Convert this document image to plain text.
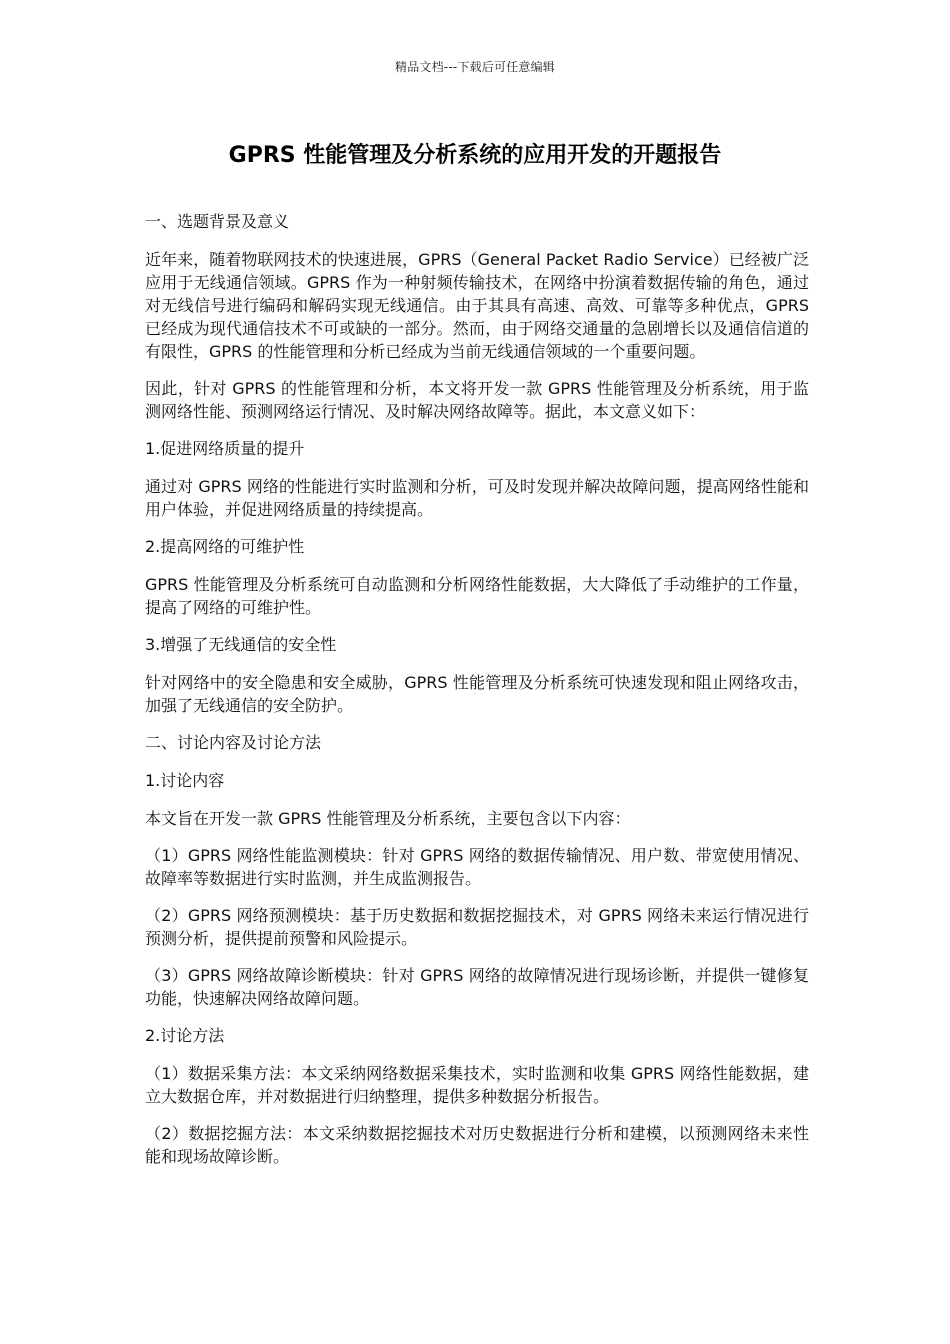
精品文档---下载后可任意编辑
GPRS 性能管理及分析系统的应用开发的开题报告

一、选题背景及意义

近年来，随着物联网技术的快速进展，GPRS（General Packet Radio Service）已经被广泛应用于无线通信领域。GPRS 作为一种射频传输技术，在网络中扮演着数据传输的角色，通过对无线信号进行编码和解码实现无线通信。由于其具有高速、高效、可靠等多种优点，GPRS 已经成为现代通信技术不可或缺的一部分。然而，由于网络交通量的急剧增长以及通信信道的有限性，GPRS 的性能管理和分析已经成为当前无线通信领域的一个重要问题。

因此，针对 GPRS 的性能管理和分析，本文将开发一款 GPRS 性能管理及分析系统，用于监测网络性能、预测网络运行情况、及时解决网络故障等。据此，本文意义如下：

1.促进网络质量的提升

通过对 GPRS 网络的性能进行实时监测和分析，可及时发现并解决故障问题，提高网络性能和用户体验，并促进网络质量的持续提高。

2.提高网络的可维护性

GPRS 性能管理及分析系统可自动监测和分析网络性能数据，大大降低了手动维护的工作量，提高了网络的可维护性。

3.增强了无线通信的安全性

针对网络中的安全隐患和安全威胁，GPRS 性能管理及分析系统可快速发现和阻止网络攻击，加强了无线通信的安全防护。

二、讨论内容及讨论方法

1.讨论内容

本文旨在开发一款 GPRS 性能管理及分析系统，主要包含以下内容：

（1）GPRS 网络性能监测模块：针对 GPRS 网络的数据传输情况、用户数、带宽使用情况、故障率等数据进行实时监测，并生成监测报告。

（2）GPRS 网络预测模块：基于历史数据和数据挖掘技术，对 GPRS 网络未来运行情况进行预测分析，提供提前预警和风险提示。

（3）GPRS 网络故障诊断模块：针对 GPRS 网络的故障情况进行现场诊断，并提供一键修复功能，快速解决网络故障问题。

2.讨论方法

（1）数据采集方法：本文采纳网络数据采集技术，实时监测和收集 GPRS 网络性能数据，建立大数据仓库，并对数据进行归纳整理，提供多种数据分析报告。

（2）数据挖掘方法：本文采纳数据挖掘技术对历史数据进行分析和建模，以预测网络未来性能和现场故障诊断。
